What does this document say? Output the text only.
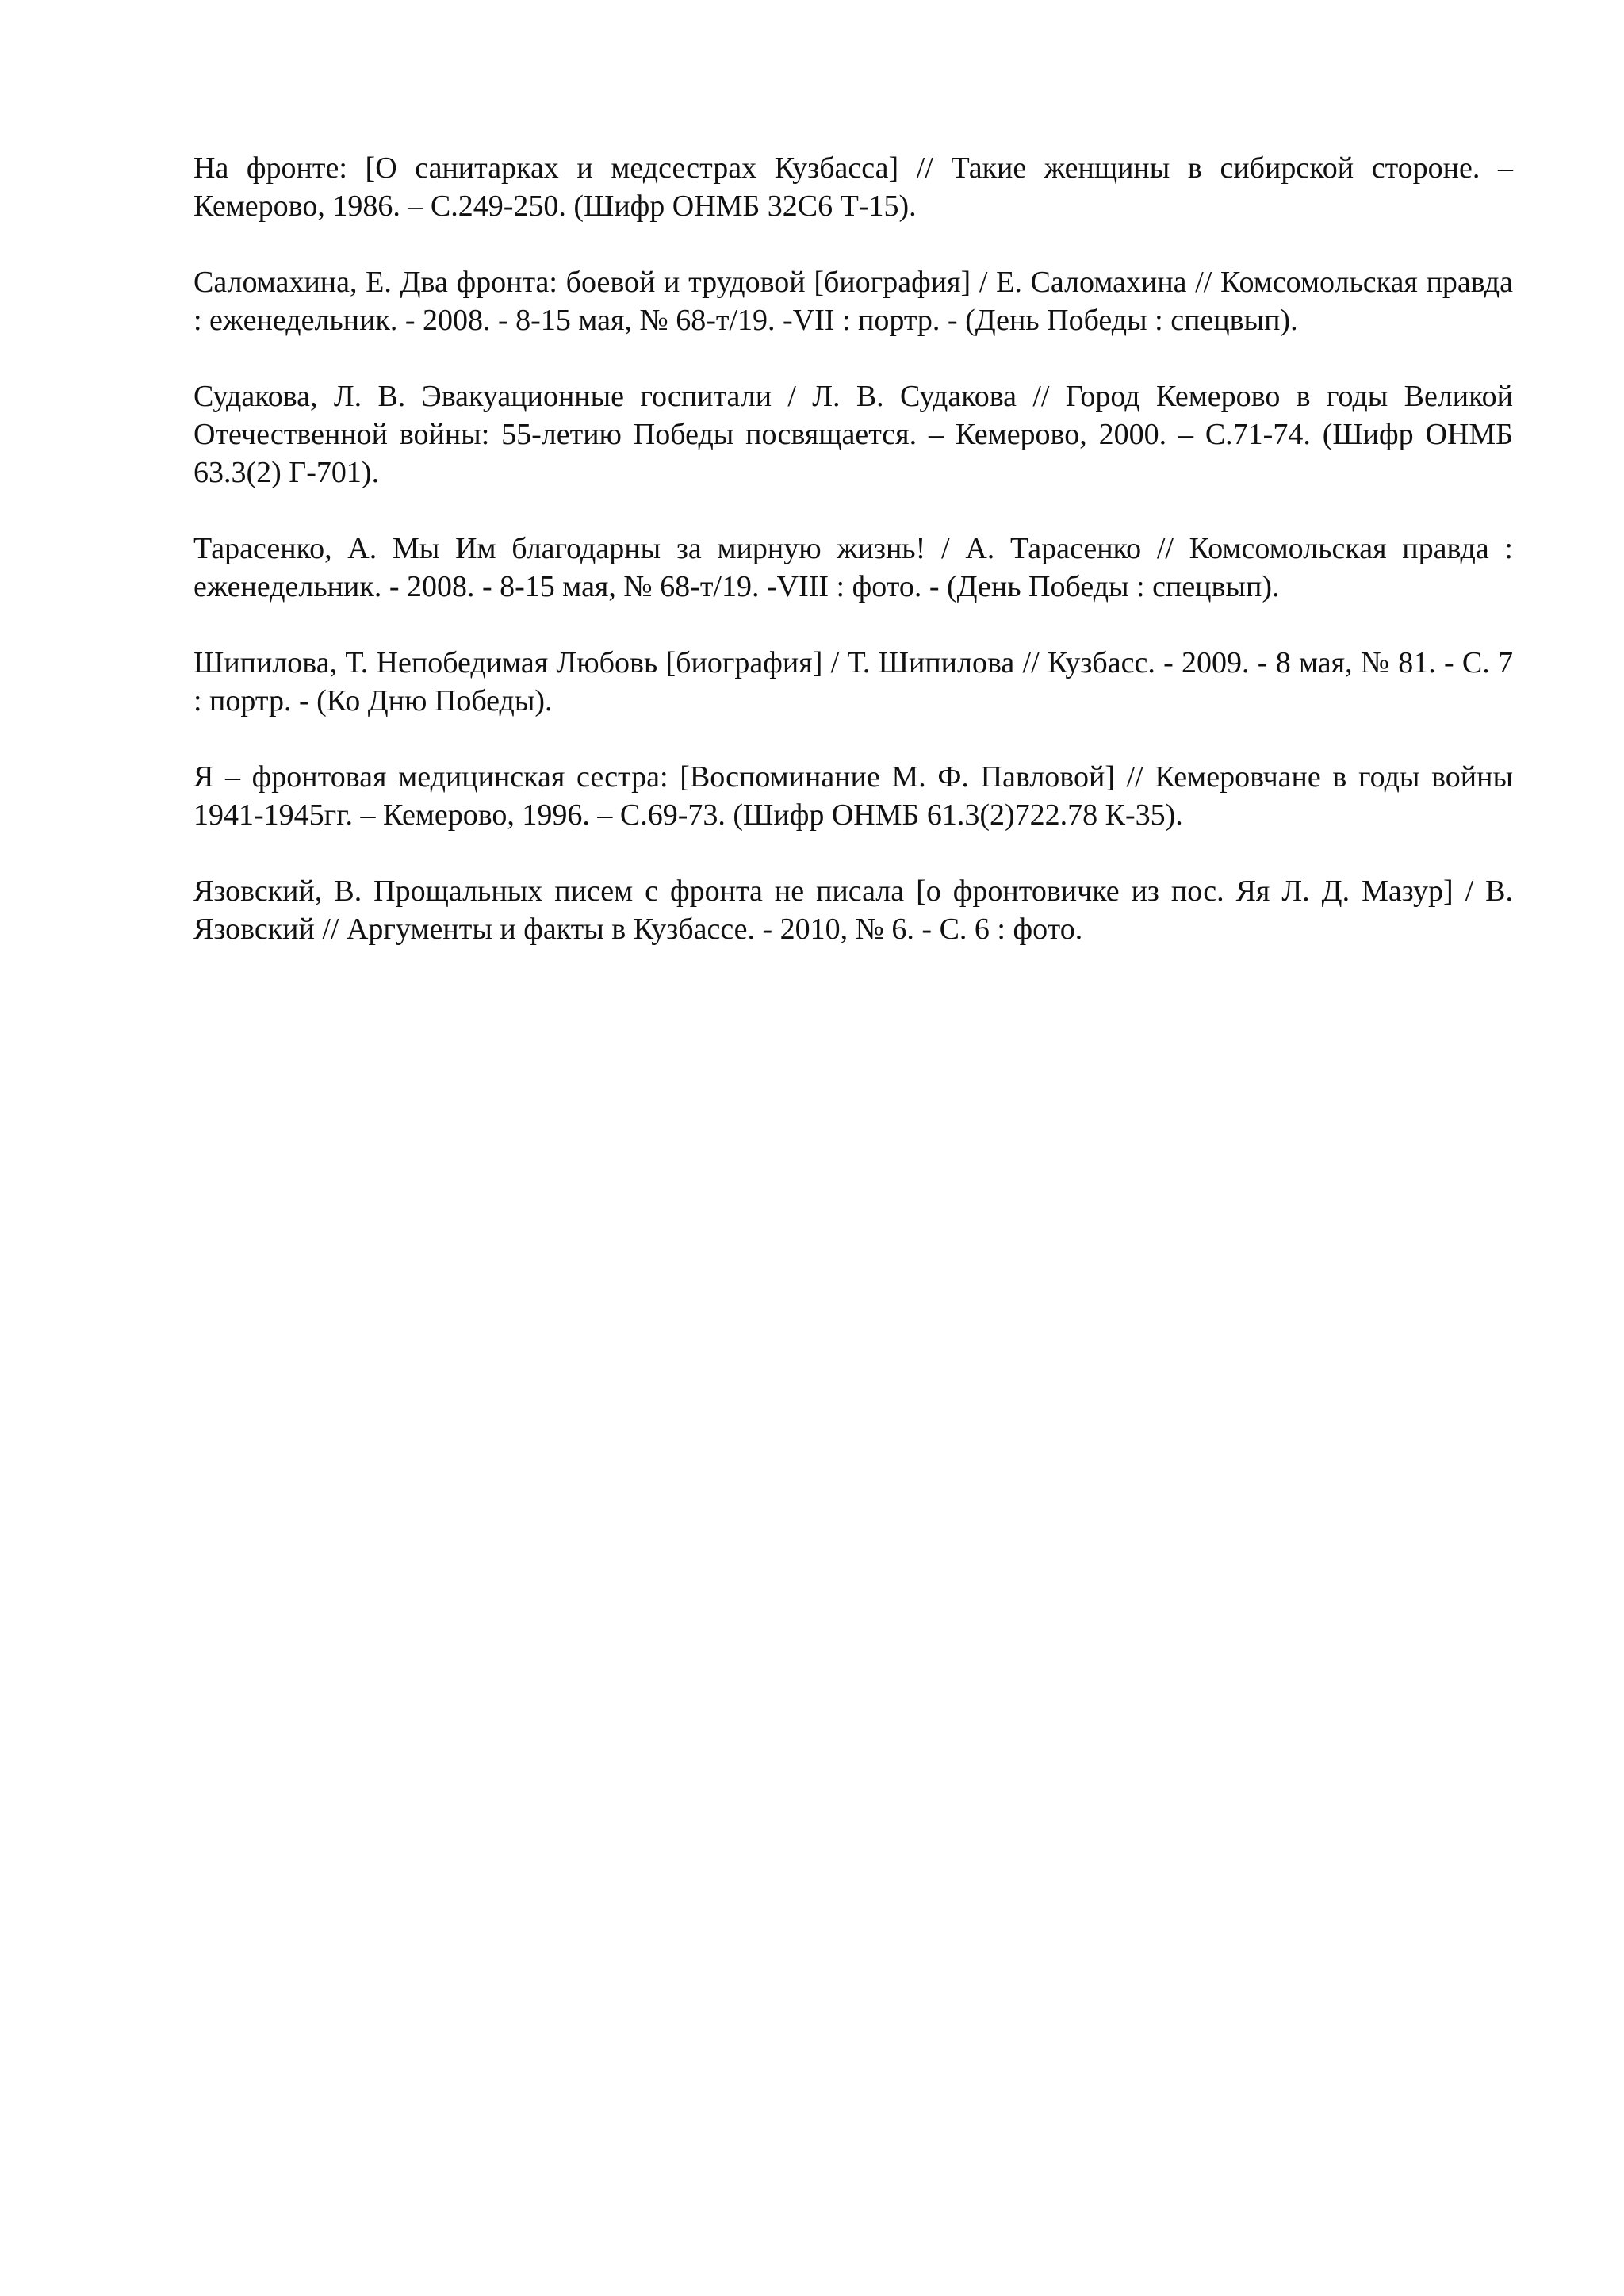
На фронте: [О санитарках и медсестрах Кузбасса] // Такие женщины в сибирской стороне. – Кемерово, 1986. – С.249-250. (Шифр ОНМБ 32С6 Т-15).

Саломахина, Е. Два фронта: боевой и трудовой [биография] / Е. Саломахина // Комсомольская правда : еженедельник. - 2008. - 8-15 мая, № 68-т/19. -VII : портр. - (День Победы : спецвып).

Судакова, Л. В. Эвакуационные госпитали / Л. В. Судакова // Город Кемерово в годы Великой Отечественной войны: 55-летию Победы посвящается. – Кемерово, 2000. – С.71-74. (Шифр ОНМБ 63.3(2) Г-701).

Тарасенко, А. Мы Им благодарны за мирную жизнь! / А. Тарасенко // Комсомольская правда : еженедельник. - 2008. - 8-15 мая, № 68-т/19. -VIII : фото. - (День Победы : спецвып).

Шипилова, Т. Непобедимая Любовь [биография] / Т. Шипилова // Кузбасс. - 2009. - 8 мая, № 81. - С. 7 : портр. - (Ко Дню Победы).

Я – фронтовая медицинская сестра: [Воспоминание М. Ф. Павловой] // Кемеровчане в годы войны 1941-1945гг. – Кемерово, 1996. – С.69-73. (Шифр ОНМБ 61.3(2)722.78 К-35).

Язовский, В. Прощальных писем с фронта не писала [о фронтовичке из пос. Яя Л. Д. Мазур] / В. Язовский // Аргументы и факты в Кузбассе. - 2010, № 6. - С. 6 : фото.
